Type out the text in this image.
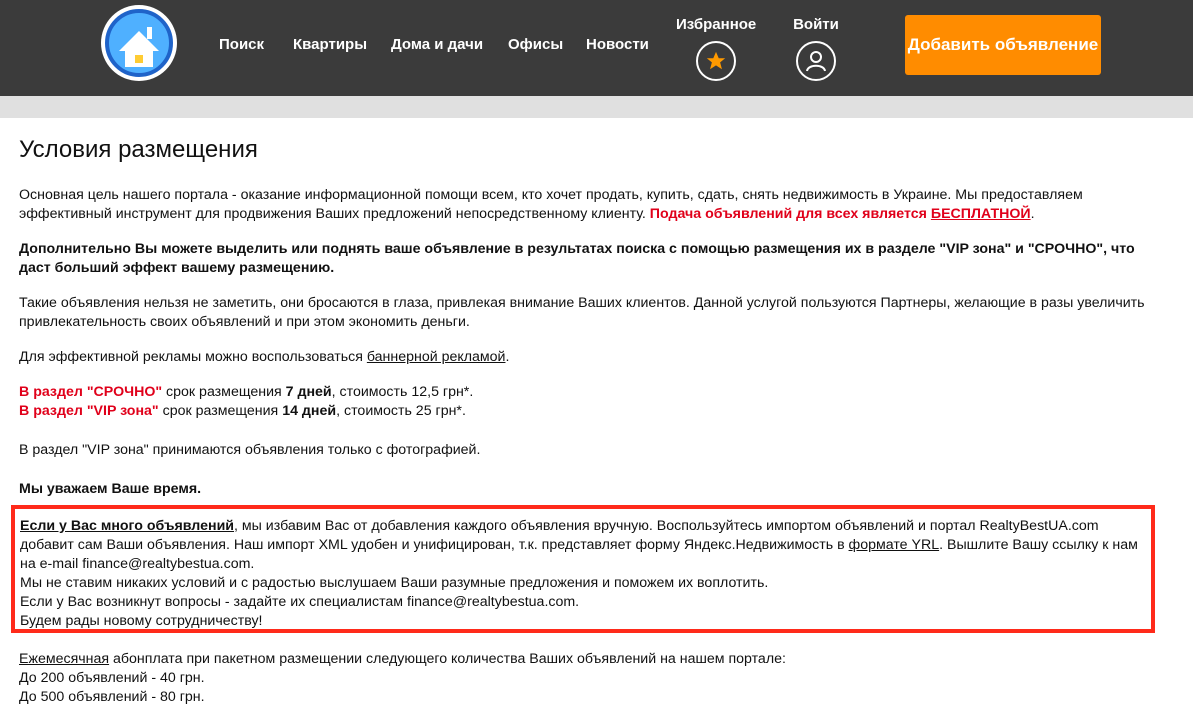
Поиск Квартиры Дома и дачи Офисы Новости
Избранное	Войти
Добавить объявление
Условия размещения

Основная цель нашего портала - оказание информационной помощи всем, кто хочет продать, купить, сдать, снять недвижимость в Украине. Мы предоставляем эффективный инструмент для продвижения Ваших предложений непосредственному клиенту. Подача объявлений для всех является БЕСПЛАТНОЙ.

Дополнительно Вы можете выделить или поднять ваше объявление в результатах поиска с помощью размещения их в разделе "VIP зона" и "СРОЧНО", что даст больший эффект вашему размещению.

Такие объявления нельзя не заметить, они бросаются в глаза, привлекая внимание Ваших клиентов. Данной услугой пользуются Партнеры, желающие в разы увеличить привлекательность своих объявлений и при этом экономить деньги.

Для эффективной рекламы можно воспользоваться баннерной рекламой.

В раздел "СРОЧНО" срок размещения 7 дней, стоимость 12,5 грн*.
В раздел "VIP зона" срок размещения 14 дней, стоимость 25 грн*.

В раздел "VIP зона" принимаются объявления только с фотографией.

Мы уважаем Ваше время.

Если у Вас много объявлений, мы избавим Вас от добавления каждого объявления вручную. Воспользуйтесь импортом объявлений и портал RealtyBestUA.com добавит сам Ваши объявления. Наш импорт XML удобен и унифицирован, т.к. представляет форму Яндекс.Недвижимость в формате YRL. Вышлите Вашу ссылку к нам на e-mail finance@realtybestua.com.
Мы не ставим никаких условий и с радостью выслушаем Ваши разумные предложения и поможем их воплотить.
Если у Вас возникнут вопросы - задайте их специалистам finance@realtybestua.com.
Будем рады новому сотрудничеству!
Ежемесячная абонплата при пакетном размещении следующего количества Ваших объявлений на нашем портале:
До 200 объявлений - 40 грн.
До 500 объявлений - 80 грн.
